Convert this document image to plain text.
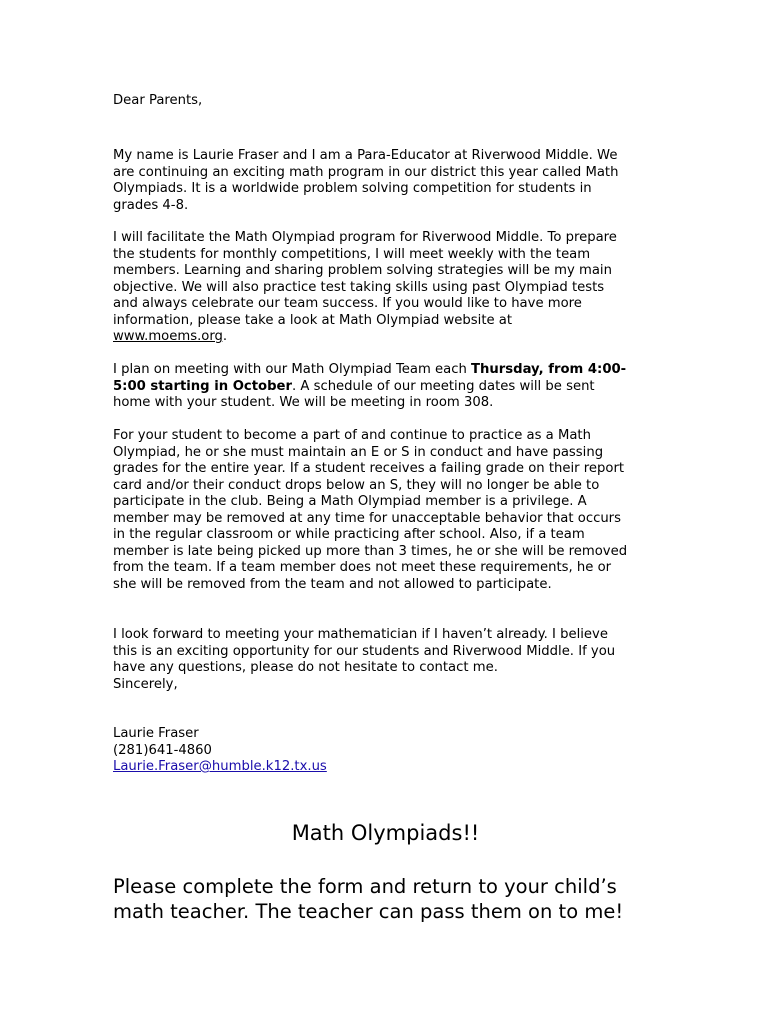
Dear Parents,

My name is Laurie Fraser and I am a Para-Educator at Riverwood Middle. We
are continuing an exciting math program in our district this year called Math
Olympiads. It is a worldwide problem solving competition for students in
grades 4-8.

I will facilitate the Math Olympiad program for Riverwood Middle. To prepare
the students for monthly competitions, I will meet weekly with the team
members. Learning and sharing problem solving strategies will be my main
objective. We will also practice test taking skills using past Olympiad tests
and always celebrate our team success. If you would like to have more
information, please take a look at Math Olympiad website at
www.moems.org.

I plan on meeting with our Math Olympiad Team each Thursday, from 4:00-
5:00 starting in October. A schedule of our meeting dates will be sent
home with your student. We will be meeting in room 308.

For your student to become a part of and continue to practice as a Math
Olympiad, he or she must maintain an E or S in conduct and have passing
grades for the entire year. If a student receives a failing grade on their report
card and/or their conduct drops below an S, they will no longer be able to
participate in the club. Being a Math Olympiad member is a privilege. A
member may be removed at any time for unacceptable behavior that occurs
in the regular classroom or while practicing after school. Also, if a team
member is late being picked up more than 3 times, he or she will be removed
from the team. If a team member does not meet these requirements, he or
she will be removed from the team and not allowed to participate.

I look forward to meeting your mathematician if I haven’t already. I believe
this is an exciting opportunity for our students and Riverwood Middle. If you
have any questions, please do not hesitate to contact me.
Sincerely,

Laurie Fraser
(281)641-4860
Laurie.Fraser@humble.k12.tx.us

Math Olympiads!!
Please complete the form and return to your child’s
math teacher. The teacher can pass them on to me!
